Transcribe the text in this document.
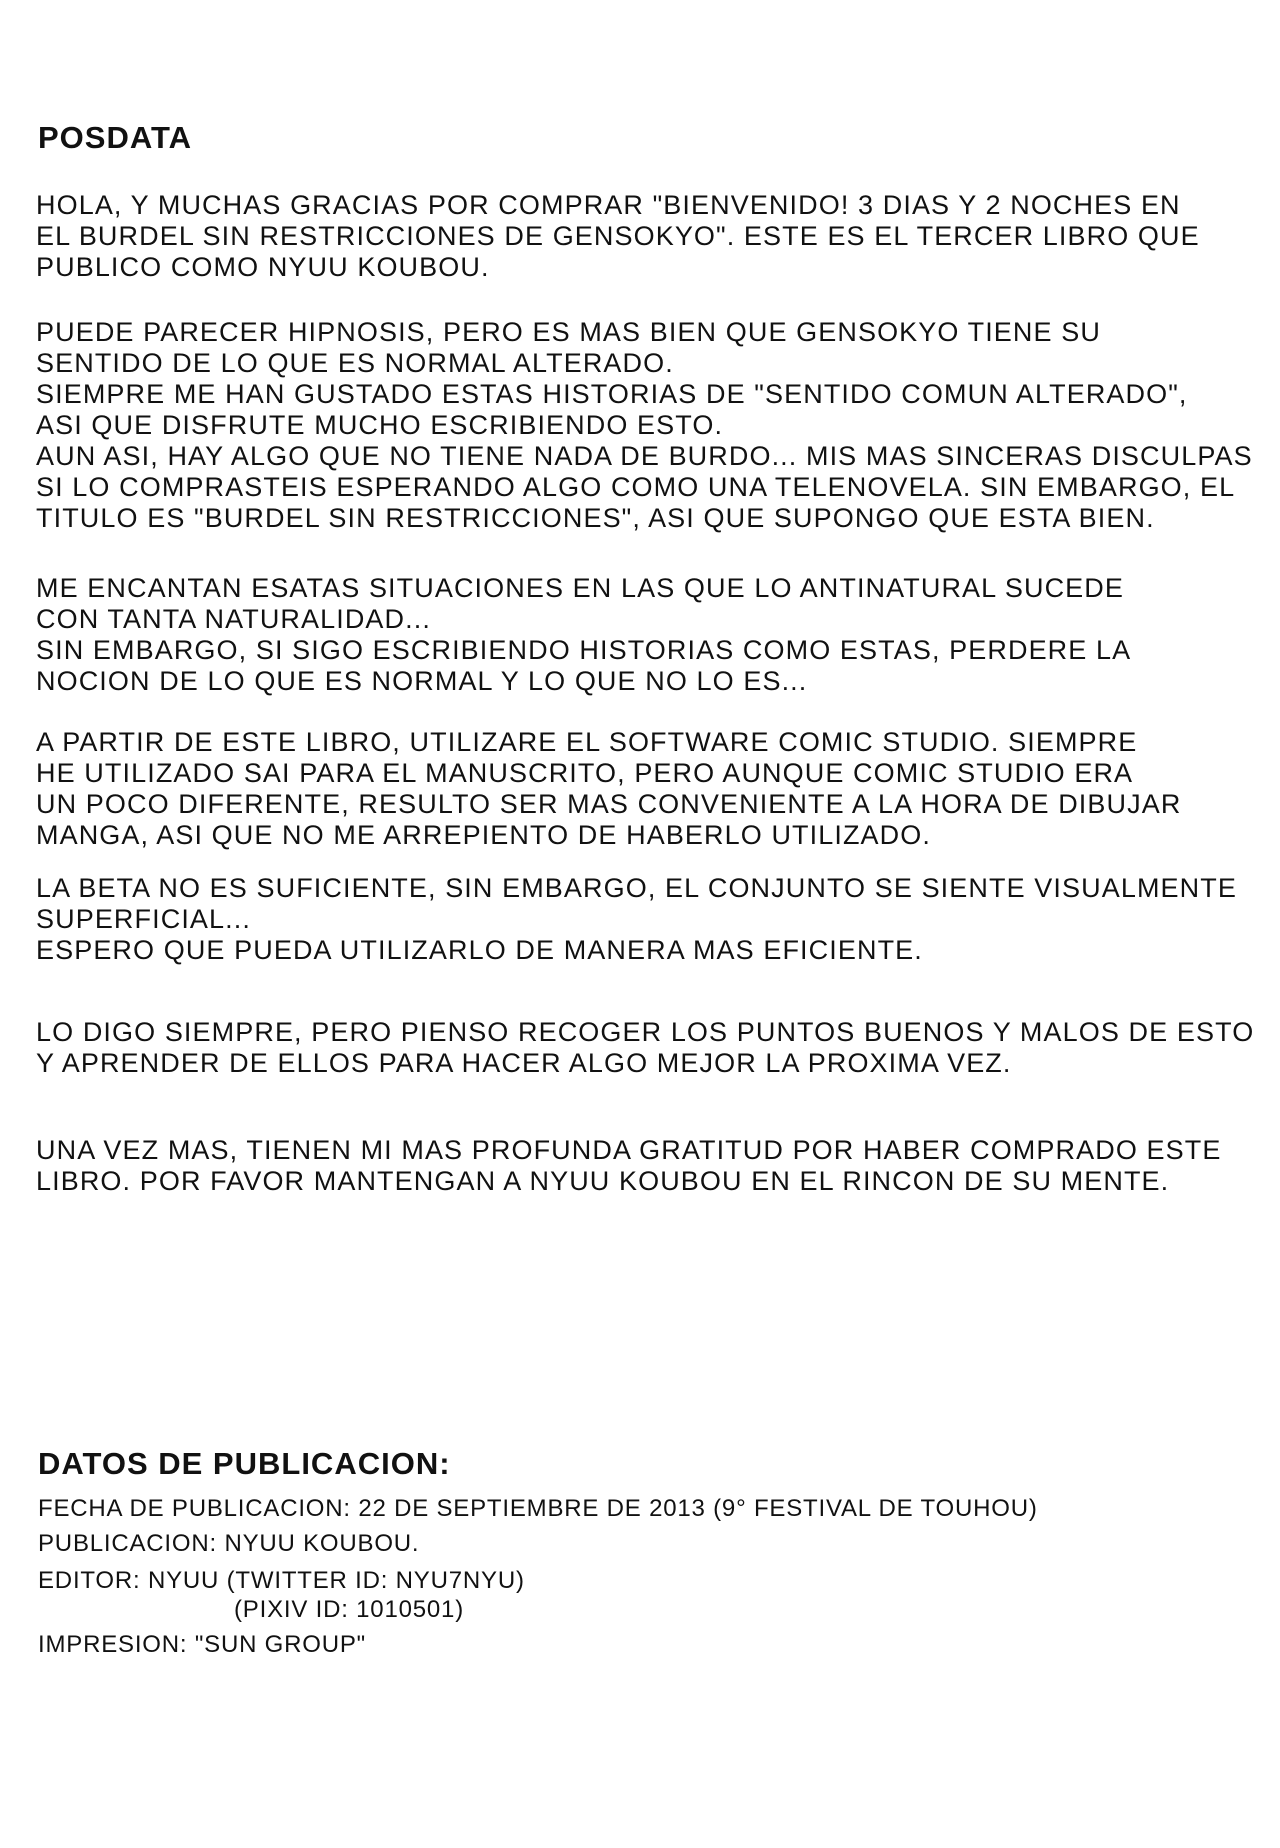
POSDATA

HOLA, Y MUCHAS GRACIAS POR COMPRAR "BIENVENIDO! 3 DIAS Y 2 NOCHES EN
EL BURDEL SIN RESTRICCIONES DE GENSOKYO". ESTE ES EL TERCER LIBRO QUE
PUBLICO COMO NYUU KOUBOU.

PUEDE PARECER HIPNOSIS, PERO ES MAS BIEN QUE GENSOKYO TIENE SU
SENTIDO DE LO QUE ES NORMAL ALTERADO.
SIEMPRE ME HAN GUSTADO ESTAS HISTORIAS DE "SENTIDO COMUN ALTERADO",
ASI QUE DISFRUTE MUCHO ESCRIBIENDO ESTO.
AUN ASI, HAY ALGO QUE NO TIENE NADA DE BURDO... MIS MAS SINCERAS DISCULPAS
SI LO COMPRASTEIS ESPERANDO ALGO COMO UNA TELENOVELA. SIN EMBARGO, EL
TITULO ES "BURDEL SIN RESTRICCIONES", ASI QUE SUPONGO QUE ESTA BIEN.

ME ENCANTAN ESATAS SITUACIONES EN LAS QUE LO ANTINATURAL SUCEDE
CON TANTA NATURALIDAD...
SIN EMBARGO, SI SIGO ESCRIBIENDO HISTORIAS COMO ESTAS, PERDERE LA
NOCION DE LO QUE ES NORMAL Y LO QUE NO LO ES...

A PARTIR DE ESTE LIBRO, UTILIZARE EL SOFTWARE COMIC STUDIO. SIEMPRE
HE UTILIZADO SAI PARA EL MANUSCRITO, PERO AUNQUE COMIC STUDIO ERA
UN POCO DIFERENTE, RESULTO SER MAS CONVENIENTE A LA HORA DE DIBUJAR
MANGA, ASI QUE NO ME ARREPIENTO DE HABERLO UTILIZADO.

LA BETA NO ES SUFICIENTE, SIN EMBARGO, EL CONJUNTO SE SIENTE VISUALMENTE
SUPERFICIAL...
ESPERO QUE PUEDA UTILIZARLO DE MANERA MAS EFICIENTE.

LO DIGO SIEMPRE, PERO PIENSO RECOGER LOS PUNTOS BUENOS Y MALOS DE ESTO
Y APRENDER DE ELLOS PARA HACER ALGO MEJOR LA PROXIMA VEZ.

UNA VEZ MAS, TIENEN MI MAS PROFUNDA GRATITUD POR HABER COMPRADO ESTE
LIBRO. POR FAVOR MANTENGAN A NYUU KOUBOU EN EL RINCON DE SU MENTE.

DATOS DE PUBLICACION:

FECHA DE PUBLICACION: 22 DE SEPTIEMBRE DE 2013 (9° FESTIVAL DE TOUHOU)

PUBLICACION: NYUU KOUBOU.

EDITOR: NYUU (TWITTER ID: NYU7NYU)

(PIXIV ID: 1010501)

IMPRESION: "SUN GROUP"
